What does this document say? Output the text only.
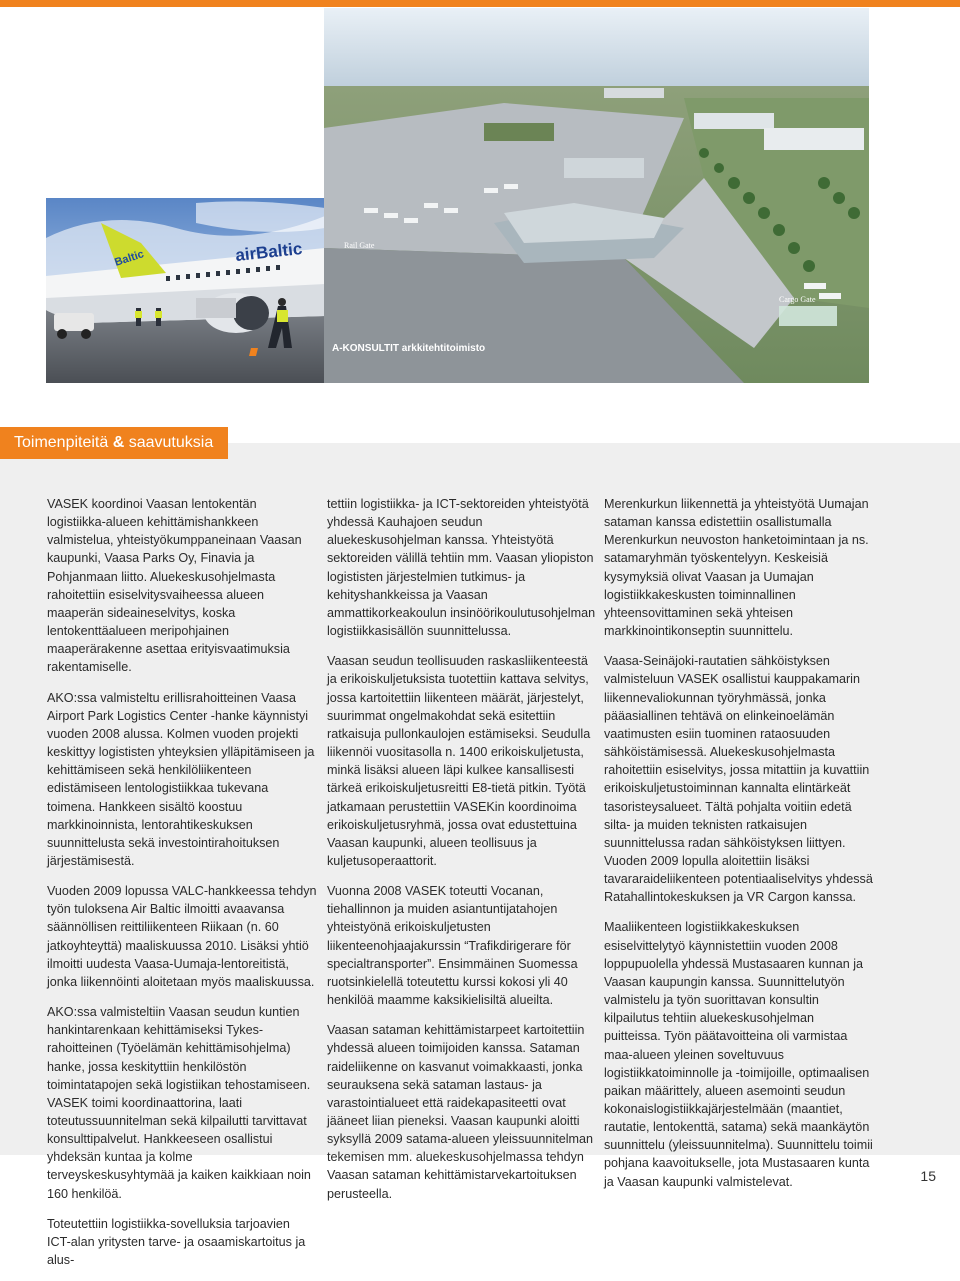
Baltic	airBaltic	Rail Gate
Cargo Gate
A-KONSULTIT arkkitehtitoimisto
Toimenpiteitä & saavutuksia

VASEK koordinoi Vaasan lentokentän logistiikka-alueen kehittämishankkeen valmistelua, yhteistyökumppaneinaan Vaasan kaupunki, Vaasa Parks Oy, Finavia ja Pohjanmaan liitto. Aluekeskusohjelmasta rahoitettiin esiselvitysvaiheessa alueen maaperän sideaineselvitys, koska lentokenttäalueen meripohjainen maaperärakenne asettaa erityisvaatimuksia rakentamiselle.

AKO:ssa valmisteltu erillisrahoitteinen Vaasa Airport Park Logistics Center -hanke käynnistyi vuoden 2008 alussa. Kolmen vuoden projekti keskittyy logististen yhteyksien ylläpitämiseen ja kehittämiseen sekä henkilöliikenteen edistämiseen lentologistiikkaa tukevana toimena. Hankkeen sisältö koostuu markkinoinnista, lentorahtikeskuksen suunnittelusta sekä investointirahoituksen järjestämisestä.

Vuoden 2009 lopussa VALC-hankkeessa tehdyn työn tuloksena Air Baltic ilmoitti avaavansa säännöllisen reittiliikenteen Riikaan (n. 60 jatkoyhteyttä) maaliskuussa 2010. Lisäksi yhtiö ilmoitti uudesta Vaasa-Uumaja-lentoreitistä, jonka liikennöinti aloitetaan myös maaliskuussa.

AKO:ssa valmisteltiin Vaasan seudun kuntien hankintarenkaan kehittämiseksi Tykes-rahoitteinen (Työelämän kehittämisohjelma) hanke, jossa keskityttiin henkilöstön toimintatapojen sekä logistiikan tehostamiseen. VASEK toimi koordinaattorina, laati toteutussuunnitelman sekä kilpailutti tarvittavat konsulttipalvelut. Hankkeeseen osallistui yhdeksän kuntaa ja kolme terveyskeskusyhtymää ja kaiken kaikkiaan noin 160 henkilöä.

Toteutettiin logistiikka-sovelluksia tarjoavien ICT-alan yritysten tarve- ja osaamiskartoitus ja alus-

tettiin logistiikka- ja ICT-sektoreiden yhteistyötä yhdessä Kauhajoen seudun aluekeskusohjelman kanssa. Yhteistyötä sektoreiden välillä tehtiin mm. Vaasan yliopiston logististen järjestelmien tutkimus- ja kehityshankkeissa ja Vaasan ammattikorkeakoulun insinöörikoulutusohjelman logistiikkasisällön suunnittelussa.

Vaasan seudun teollisuuden raskasliikenteestä ja erikoiskuljetuksista tuotettiin kattava selvitys, jossa kartoitettiin liikenteen määrät, järjestelyt, suurimmat ongelmakohdat sekä esitettiin ratkaisuja pullonkaulojen estämiseksi. Seudulla liikennöi vuositasolla n. 1400 erikoiskuljetusta, minkä lisäksi alueen läpi kulkee kansallisesti tärkeä erikoiskuljetusreitti E8-tietä pitkin. Työtä jatkamaan perustettiin VASEKin koordinoima erikoiskuljetusryhmä, jossa ovat edustettuina Vaasan kaupunki, alueen teollisuus ja kuljetusoperaattorit.

Vuonna 2008 VASEK toteutti Vocanan, tiehallinnon ja muiden asiantuntijatahojen yhteistyönä erikoiskuljetusten liikenteenohjaajakurssin “Trafikdirigerare för specialtransporter”. Ensimmäinen Suomessa ruotsinkielellä toteutettu kurssi kokosi yli 40 henkilöä maamme kaksikielisiltä alueilta.

Vaasan sataman kehittämistarpeet kartoitettiin yhdessä alueen toimijoiden kanssa. Sataman raideliikenne on kasvanut voimakkaasti, jonka seurauksena sekä sataman lastaus- ja varastointialueet että raidekapasiteetti ovat jääneet liian pieneksi. Vaasan kaupunki aloitti syksyllä 2009 satama-alueen yleissuunnitelman tekemisen mm. aluekeskusohjelmassa tehdyn Vaasan sataman kehittämistarvekartoituksen perusteella.

Merenkurkun liikennettä ja yhteistyötä Uumajan sataman kanssa edistettiin osallistumalla Merenkurkun neuvoston hanketoimintaan ja ns. satamaryhmän työskentelyyn. Keskeisiä kysymyksiä olivat Vaasan ja Uumajan logistiikkakeskusten toiminnallinen yhteensovittaminen sekä yhteisen markkinointikonseptin suunnittelu.

Vaasa-Seinäjoki-rautatien sähköistyksen valmisteluun VASEK osallistui kauppakamarin liikennevaliokunnan työryhmässä, jonka pääasiallinen tehtävä on elinkeinoelämän vaatimusten esiin tuominen rataosuuden sähköistämisessä. Aluekeskusohjelmasta rahoitettiin esiselvitys, jossa mitattiin ja kuvattiin erikoiskuljetustoiminnan kannalta elintärkeät tasoristeysalueet. Tältä pohjalta voitiin edetä silta- ja muiden teknisten ratkaisujen suunnittelussa radan sähköistyksen liittyen. Vuoden 2009 lopulla aloitettiin lisäksi tavararaideliikenteen potentiaaliselvitys yhdessä Ratahallintokeskuksen ja VR Cargon kanssa.

Maaliikenteen logistiikkakeskuksen esiselvittelytyö käynnistettiin vuoden 2008 loppupuolella yhdessä Mustasaaren kunnan ja Vaasan kaupungin kanssa. Suunnittelutyön valmistelu ja työn suorittavan konsultin kilpailutus tehtiin aluekeskusohjelman puitteissa. Työn päätavoitteina oli varmistaa maa-alueen yleinen soveltuvuus logistiikkatoiminnolle ja -toimijoille, optimaalisen paikan määrittely, alueen asemointi seudun kokonaislogistiikkajärjestelmään (maantiet, rautatie, lentokenttä, satama) sekä maankäytön suunnittelu (yleissuunnitelma). Suunnittelu toimii pohjana kaavoitukselle, jota Mustasaaren kunta ja Vaasan kaupunki valmistelevat.	15
